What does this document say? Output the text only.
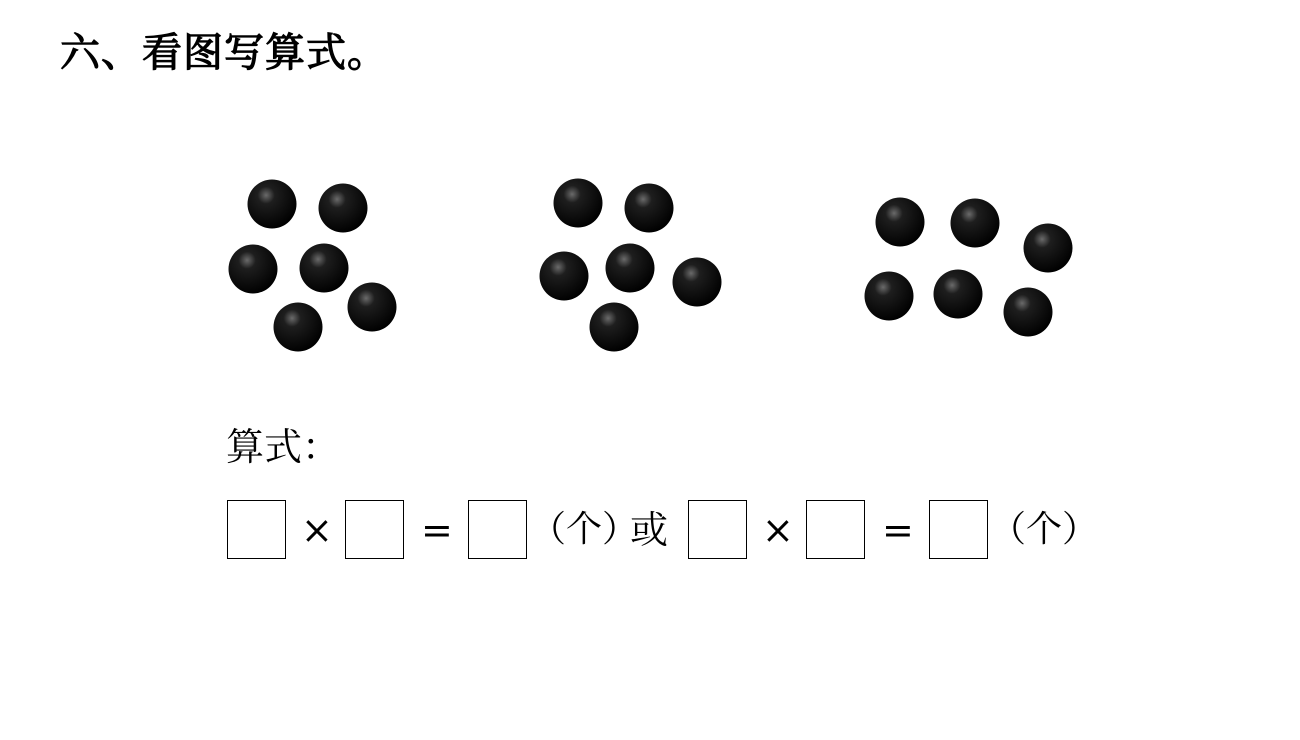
六、看图写算式。
算式：
× = （个）
或 × = （个）
